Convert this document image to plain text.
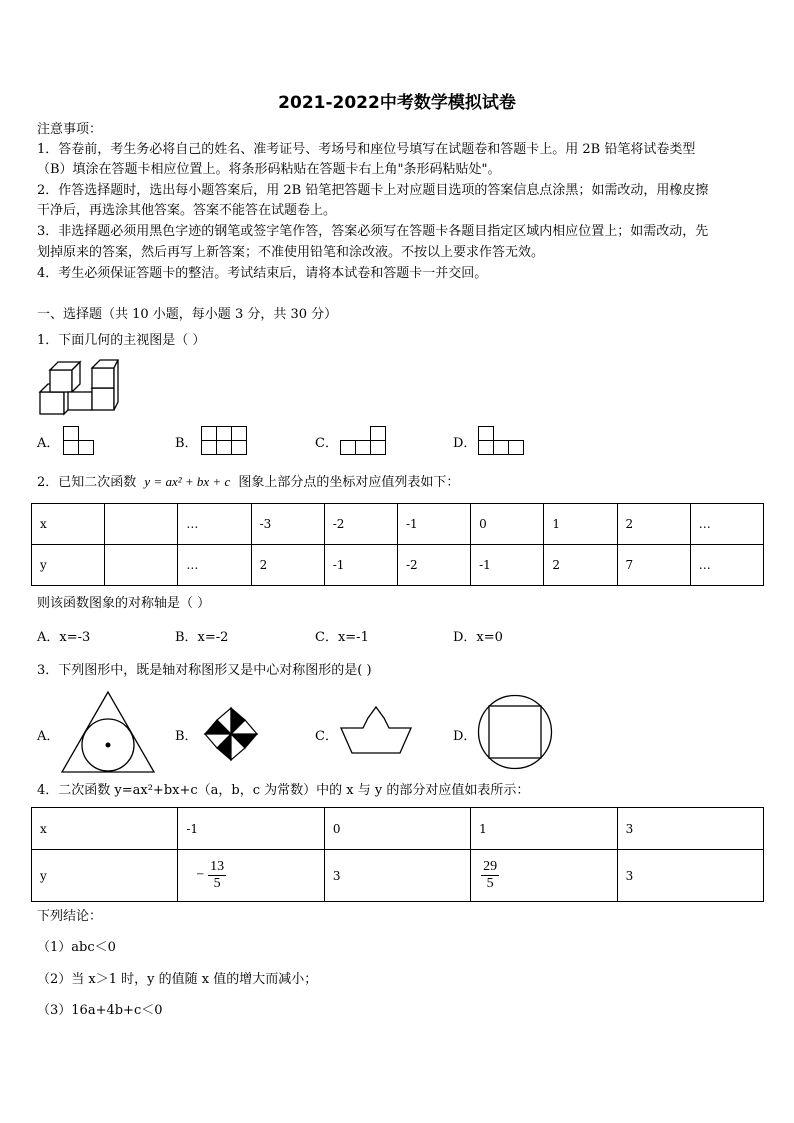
2021-2022中考数学模拟试卷
注意事项：
1．答卷前，考生务必将自己的姓名、准考证号、考场号和座位号填写在试题卷和答题卡上。用 2B 铅笔将试卷类型
（B）填涂在答题卡相应位置上。将条形码粘贴在答题卡右上角"条形码粘贴处"。
2．作答选择题时，选出每小题答案后，用 2B 铅笔把答题卡上对应题目选项的答案信息点涂黑；如需改动，用橡皮擦
干净后，再选涂其他答案。答案不能答在试题卷上。
3．非选择题必须用黑色字迹的钢笔或签字笔作答，答案必须写在答题卡各题目指定区域内相应位置上；如需改动，先
划掉原来的答案，然后再写上新答案；不准使用铅笔和涂改液。不按以上要求作答无效。
4．考生必须保证答题卡的整洁。考试结束后，请将本试卷和答题卡一并交回。
一、选择题（共 10 小题，每小题 3 分，共 30 分）
1．下面几何的主视图是（ ）
A．	B．	C．	D．
2．已知二次函数 y = ax² + bx + c 图象上部分点的坐标对应值列表如下：
x		…	-3	-2	-1	0	1	2	…
y		…	2	-1	-2	-1	2	7	…
则该函数图象的对称轴是（ ）
A．x=-3	B．x=-2	C．x=-1	D．x=0
3．下列图形中，既是轴对称图形又是中心对称图形的是( )
A．	B．	C．	D．
4．二次函数 y=ax²+bx+c（a，b，c 为常数）中的 x 与 y 的部分对应值如表所示：
x	-1	0	1	3
y	− $\frac{13}{5}$	3	$\frac{29}{5}$	3
下列结论：
（1）abc＜0
（2）当 x＞1 时，y 的值随 x 值的增大而减小；
（3）16a+4b+c＜0
